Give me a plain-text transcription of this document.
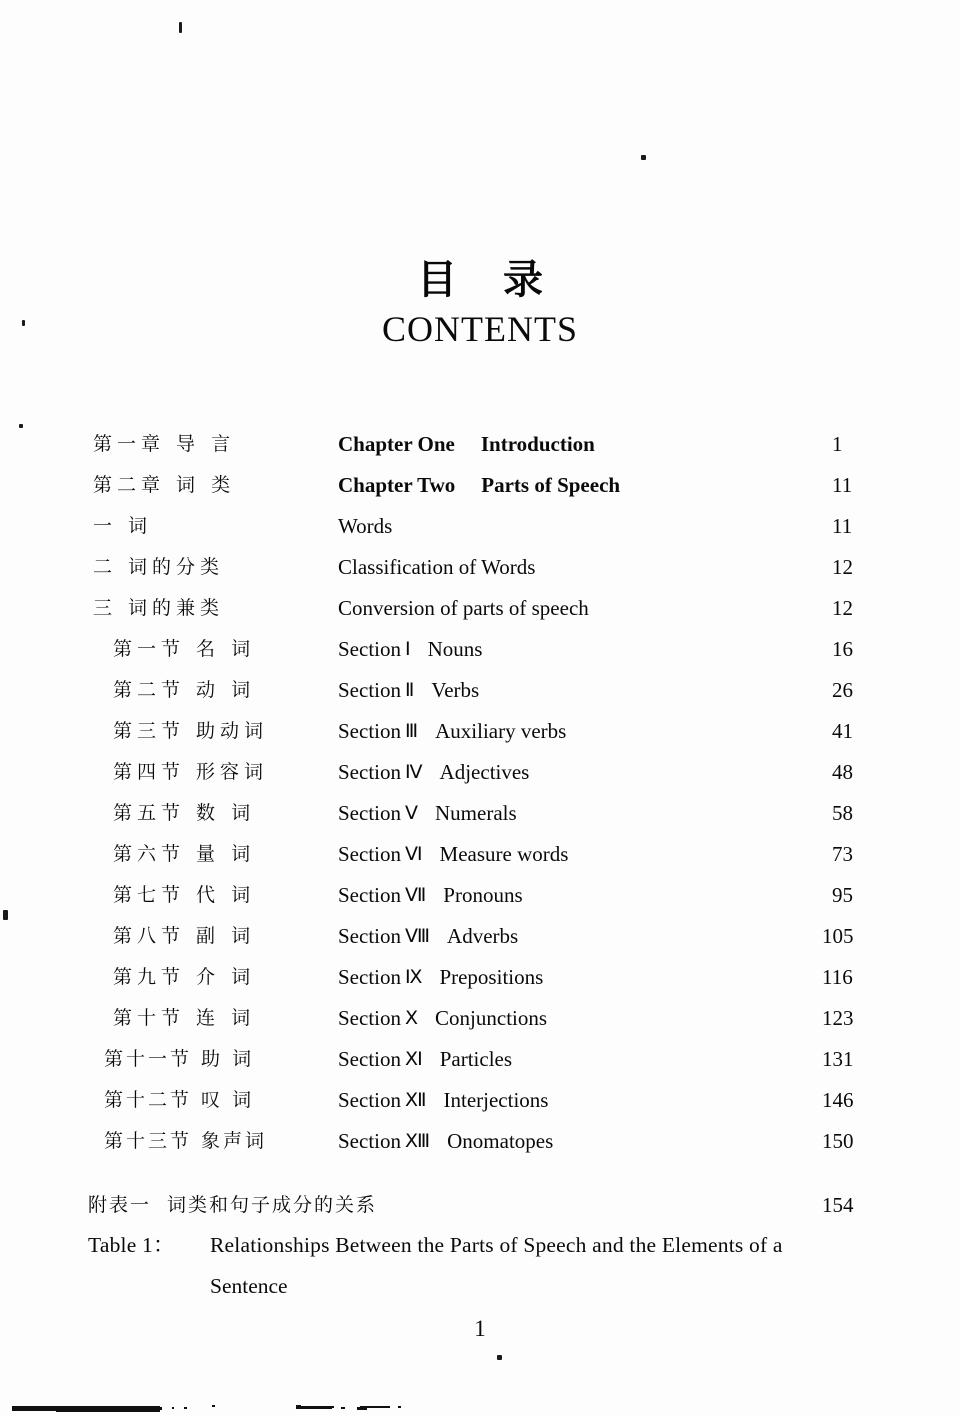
目 录
CONTENTS
第一章 导 言	Chapter One Introduction	1
第二章 词 类	Chapter Two Parts of Speech	11
一 词	Words	11
二 词的分类	Classification of Words	12
三 词的兼类	Conversion of parts of speech	12
第一节 名 词	Section Ⅰ Nouns	16
第二节 动 词	Section Ⅱ Verbs	26
第三节 助动词	Section Ⅲ Auxiliary verbs	41
第四节 形容词	Section Ⅳ Adjectives	48
第五节 数 词	Section Ⅴ Numerals	58
第六节 量 词	Section Ⅵ Measure words	73
第七节 代 词	Section Ⅶ Pronouns	95
第八节 副 词	Section Ⅷ Adverbs	105
第九节 介 词	Section Ⅸ Prepositions	116
第十节 连 词	Section Ⅹ Conjunctions	123
第十一节 助 词	Section Ⅺ Particles	131
第十二节 叹 词	Section Ⅻ Interjections	146
第十三节 象声词	Section ⅩⅢ Onomatopes	150
附表一 词类和句子成分的关系	154
Table 1： Relationships Between the Parts of Speech and the Elements of a
Sentence
1
